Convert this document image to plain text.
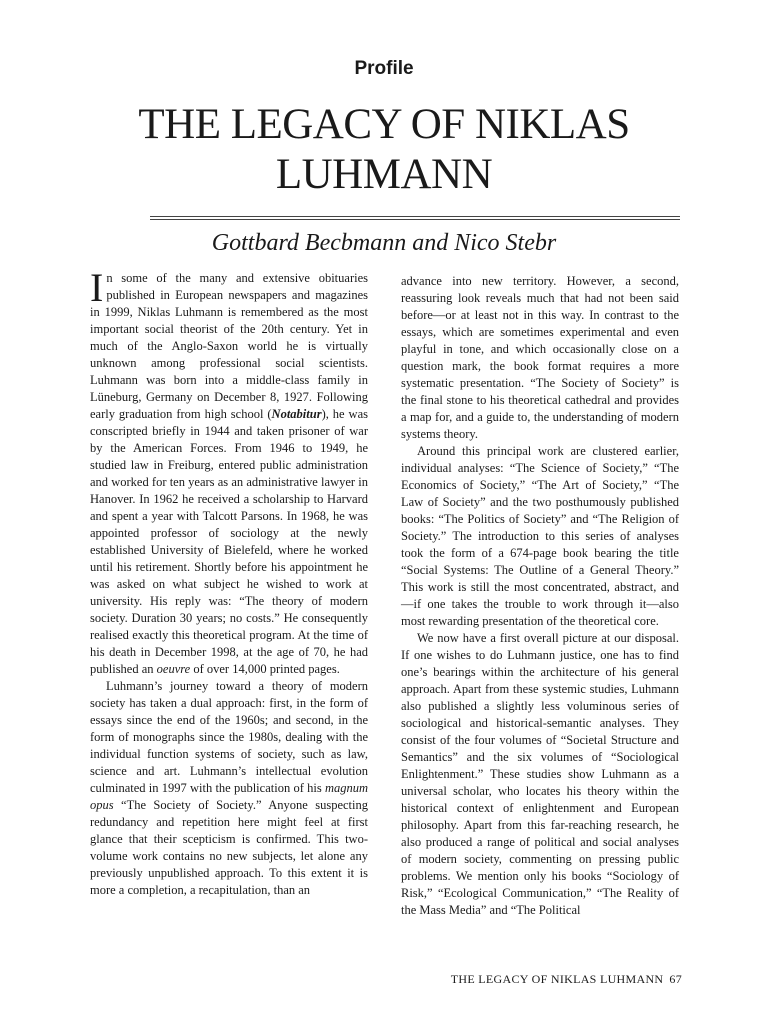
Profile
THE LEGACY OF NIKLAS
LUHMANN
Gottbard Becbmann and Nico Stebr

In some of the many and extensive obituaries published in European newspapers and magazines in 1999, Niklas Luhmann is remembered as the most important social theorist of the 20th century. Yet in much of the Anglo-Saxon world he is virtually unknown among professional social scientists. Luhmann was born into a middle-class family in Lüneburg, Germany on December 8, 1927. Following early graduation from high school (Notabitur), he was conscripted briefly in 1944 and taken prisoner of war by the American Forces. From 1946 to 1949, he studied law in Freiburg, entered public administration and worked for ten years as an administrative lawyer in Hanover. In 1962 he received a scholarship to Harvard and spent a year with Talcott Parsons. In 1968, he was appointed professor of sociology at the newly established University of Bielefeld, where he worked until his retirement. Shortly before his appointment he was asked on what subject he wished to work at university. His reply was: “The theory of modern society. Duration 30 years; no costs.” He consequently realised exactly this theoretical program. At the time of his death in December 1998, at the age of 70, he had published an oeuvre of over 14,000 printed pages.

Luhmann’s journey toward a theory of modern society has taken a dual approach: first, in the form of essays since the end of the 1960s; and second, in the form of monographs since the 1980s, dealing with the individual function systems of society, such as law, science and art. Luhmann’s intellectual evolution culminated in 1997 with the publication of his magnum opus “The Society of Society.” Anyone suspecting redundancy and repetition here might feel at first glance that their scepticism is confirmed. This two-volume work contains no new subjects, let alone any previously unpublished approach. To this extent it is more a completion, a recapitulation, than an

advance into new territory. However, a second, reassuring look reveals much that had not been said before—or at least not in this way. In contrast to the essays, which are sometimes experimental and even playful in tone, and which occasionally close on a question mark, the book format requires a more systematic presentation. “The Society of Society” is the final stone to his theoretical cathedral and provides a map for, and a guide to, the understanding of modern systems theory.

Around this principal work are clustered earlier, individual analyses: “The Science of Society,” “The Economics of Society,” “The Art of Society,” “The Law of Society” and the two posthumously published books: “The Politics of Society” and “The Religion of Society.” The introduction to this series of analyses took the form of a 674-page book bearing the title “Social Systems: The Outline of a General Theory.” This work is still the most concentrated, abstract, and—if one takes the trouble to work through it—also most rewarding presentation of the theoretical core.

We now have a first overall picture at our disposal. If one wishes to do Luhmann justice, one has to find one’s bearings within the architecture of his general approach. Apart from these systemic studies, Luhmann also published a slightly less voluminous series of sociological and historical-semantic analyses. They consist of the four volumes of “Societal Structure and Semantics” and the six volumes of “Sociological Enlightenment.” These studies show Luhmann as a universal scholar, who locates his theory within the historical context of enlightenment and European philosophy. Apart from this far-reaching research, he also produced a range of political and social analyses of modern society, commenting on pressing public problems. We mention only his books “Sociology of Risk,” “Ecological Communication,” “The Reality of the Mass Media” and “The Political

THE LEGACY OF NIKLAS LUHMANN 67
